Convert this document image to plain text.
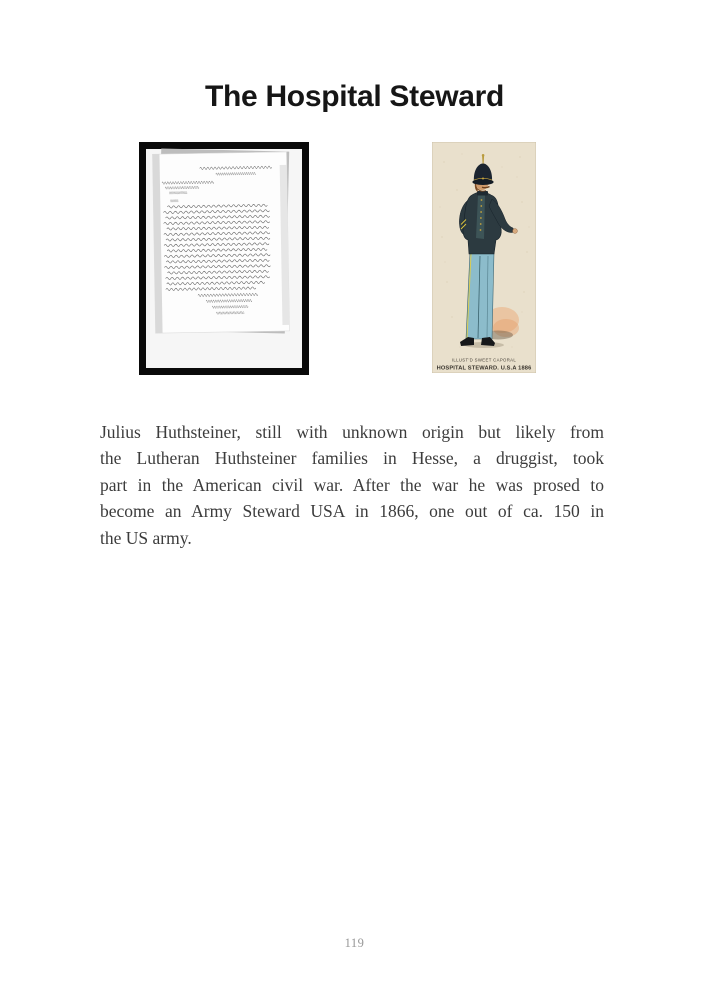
The Hospital Steward
ILLUST'D SWEET CAPORAL
HOSPITAL STEWARD. U.S.A 1886
Julius Huthsteiner, still with unknown origin but likely from
the Lutheran Huthsteiner families in Hesse, a druggist, took
part in the American civil war. After the war he was prosed to
become an Army Steward USA in 1866, one out of ca. 150 in
the US army.
119
